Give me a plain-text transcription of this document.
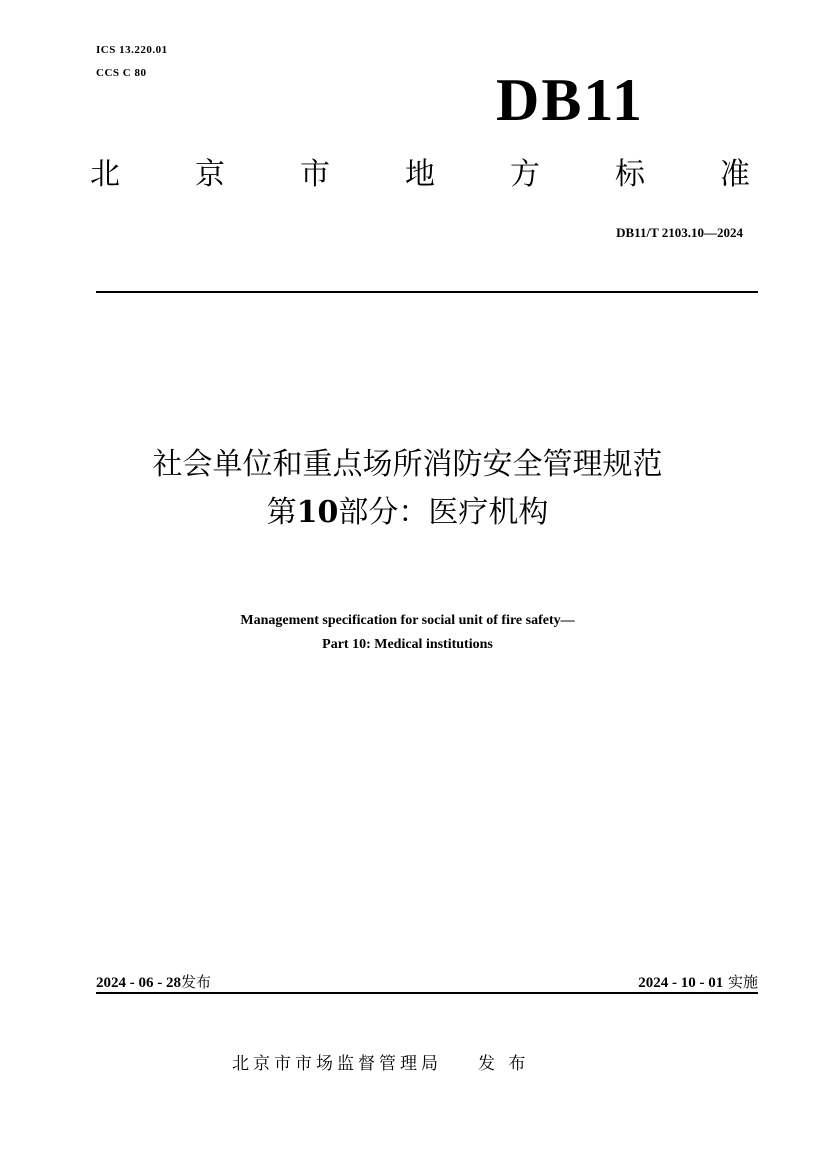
ICS 13.220.01
CCS C 80	DB11
北	京	市	地	方	标	准
DB11/T 2103.10—2024
社会单位和重点场所消防安全管理规范
第10部分：医疗机构
Management specification for social unit of fire safety—
Part 10: Medical institutions
2024 - 06 - 28发布	2024 - 10 - 01 实施
北京市市场监督管理局 发 布
